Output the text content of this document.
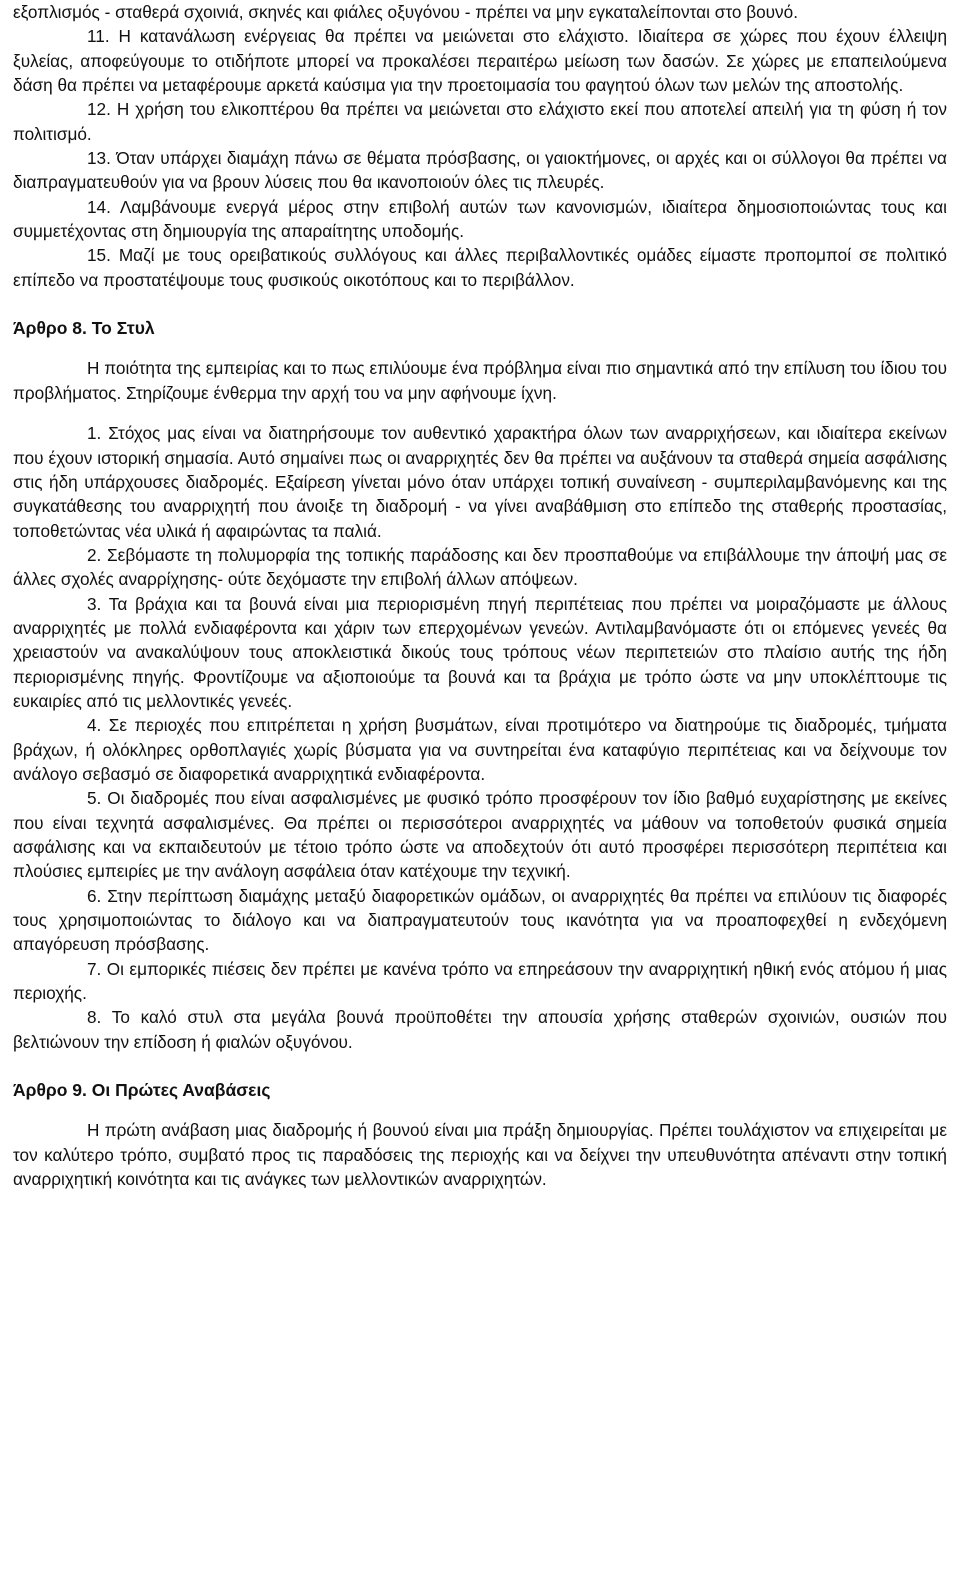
εξοπλισμός - σταθερά σχοινιά, σκηνές και φιάλες οξυγόνου - πρέπει να μην εγκαταλείπονται στο βουνό.

11. Η κατανάλωση ενέργειας θα πρέπει να μειώνεται στο ελάχιστο. Ιδιαίτερα σε χώρες που έχουν έλλειψη ξυλείας, αποφεύγουμε το οτιδήποτε μπορεί να προκαλέσει περαιτέρω μείωση των δασών. Σε χώρες με επαπειλούμενα δάση θα πρέπει να μεταφέρουμε αρκετά καύσιμα για την προετοιμασία του φαγητού όλων των μελών της αποστολής.

12. Η χρήση του ελικοπτέρου θα πρέπει να μειώνεται στο ελάχιστο εκεί που αποτελεί απειλή για τη φύση ή τον πολιτισμό.

13. Όταν υπάρχει διαμάχη πάνω σε θέματα πρόσβασης, οι γαιοκτήμονες, οι αρχές και οι σύλλογοι θα πρέπει να διαπραγματευθούν για να βρουν λύσεις που θα ικανοποιούν όλες τις πλευρές.

14. Λαμβάνουμε ενεργά μέρος στην επιβολή αυτών των κανονισμών, ιδιαίτερα δημοσιοποιώντας τους και συμμετέχοντας στη δημιουργία της απαραίτητης υποδομής.

15. Μαζί με τους ορειβατικούς συλλόγους και άλλες περιβαλλοντικές ομάδες είμαστε προπομποί σε πολιτικό επίπεδο να προστατέψουμε τους φυσικούς οικοτόπους και το περιβάλλον.

Άρθρο 8. Το Στυλ

Η ποιότητα της εμπειρίας και το πως επιλύουμε ένα πρόβλημα είναι πιο σημαντικά από την επίλυση του ίδιου του προβλήματος. Στηρίζουμε ένθερμα την αρχή του να μην αφήνουμε ίχνη.

1. Στόχος μας είναι να διατηρήσουμε τον αυθεντικό χαρακτήρα όλων των αναρριχήσεων, και ιδιαίτερα εκείνων που έχουν ιστορική σημασία. Αυτό σημαίνει πως οι αναρριχητές δεν θα πρέπει να αυξάνουν τα σταθερά σημεία ασφάλισης στις ήδη υπάρχουσες διαδρομές. Εξαίρεση γίνεται μόνο όταν υπάρχει τοπική συναίνεση - συμπεριλαμβανόμενης και της συγκατάθεσης του αναρριχητή που άνοιξε τη διαδρομή - να γίνει αναβάθμιση στο επίπεδο της σταθερής προστασίας, τοποθετώντας νέα υλικά ή αφαιρώντας τα παλιά.

2. Σεβόμαστε τη πολυμορφία της τοπικής παράδοσης και δεν προσπαθούμε να επιβάλλουμε την άποψή μας σε άλλες σχολές αναρρίχησης- ούτε δεχόμαστε την επιβολή άλλων απόψεων.

3. Τα βράχια και τα βουνά είναι μια περιορισμένη πηγή περιπέτειας που πρέπει να μοιραζόμαστε με άλλους αναρριχητές με πολλά ενδιαφέροντα και χάριν των επερχομένων γενεών. Αντιλαμβανόμαστε ότι οι επόμενες γενεές θα χρειαστούν να ανακαλύψουν τους αποκλειστικά δικούς τους τρόπους νέων περιπετειών στο πλαίσιο αυτής της ήδη περιορισμένης πηγής. Φροντίζουμε να αξιοποιούμε τα βουνά και τα βράχια με τρόπο ώστε να μην υποκλέπτουμε τις ευκαιρίες από τις μελλοντικές γενεές.

4. Σε περιοχές που επιτρέπεται η χρήση βυσμάτων, είναι προτιμότερο να διατηρούμε τις διαδρομές, τμήματα βράχων, ή ολόκληρες ορθοπλαγιές χωρίς βύσματα για να συντηρείται ένα καταφύγιο περιπέτειας και να δείχνουμε τον ανάλογο σεβασμό σε διαφορετικά αναρριχητικά ενδιαφέροντα.

5. Οι διαδρομές που είναι ασφαλισμένες με φυσικό τρόπο προσφέρουν τον ίδιο βαθμό ευχαρίστησης με εκείνες που είναι τεχνητά ασφαλισμένες. Θα πρέπει οι περισσότεροι αναρριχητές να μάθουν να τοποθετούν φυσικά σημεία ασφάλισης και να εκπαιδευτούν με τέτοιο τρόπο ώστε να αποδεχτούν ότι αυτό προσφέρει περισσότερη περιπέτεια και πλούσιες εμπειρίες με την ανάλογη ασφάλεια όταν κατέχουμε την τεχνική.

6. Στην περίπτωση διαμάχης μεταξύ διαφορετικών ομάδων, οι αναρριχητές θα πρέπει να επιλύουν τις διαφορές τους χρησιμοποιώντας το διάλογο και να διαπραγματευτούν τους ικανότητα για να προαποφεχθεί η ενδεχόμενη απαγόρευση πρόσβασης.

7. Οι εμπορικές πιέσεις δεν πρέπει με κανένα τρόπο να επηρεάσουν την αναρριχητική ηθική ενός ατόμου ή μιας περιοχής.

8. Το καλό στυλ στα μεγάλα βουνά προϋποθέτει την απουσία χρήσης σταθερών σχοινιών, ουσιών που βελτιώνουν την επίδοση ή φιαλών οξυγόνου.

Άρθρο 9. Οι Πρώτες Αναβάσεις

Η πρώτη ανάβαση μιας διαδρομής ή βουνού είναι μια πράξη δημιουργίας. Πρέπει τουλάχιστον να επιχειρείται με τον καλύτερο τρόπο, συμβατό προς τις παραδόσεις της περιοχής και να δείχνει την υπευθυνότητα απέναντι στην τοπική αναρριχητική κοινότητα και τις ανάγκες των μελλοντικών αναρριχητών.
